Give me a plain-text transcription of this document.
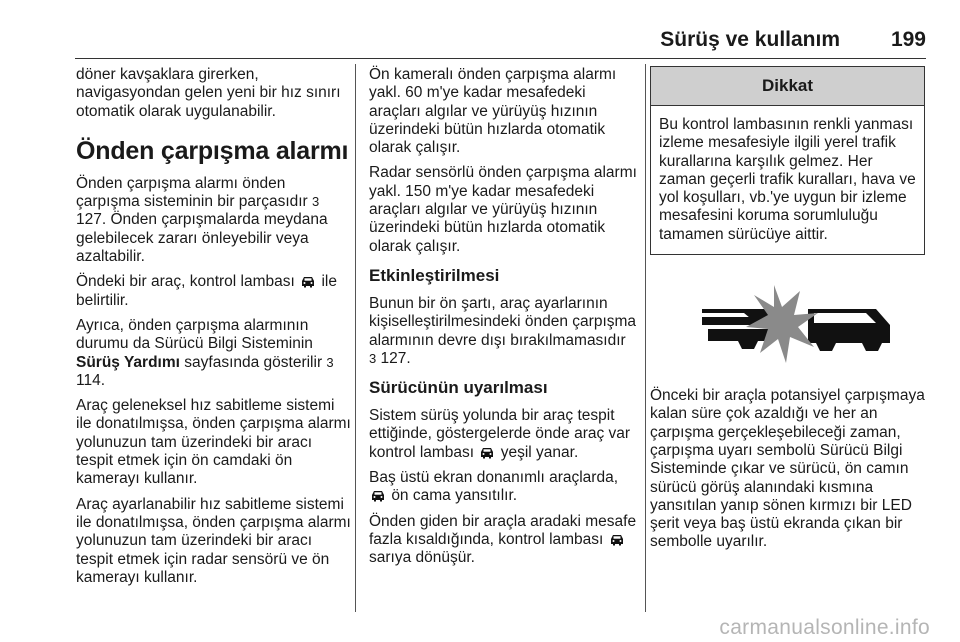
Sürüş ve kullanım 199

döner kavşaklara girerken, navigasyondan gelen yeni bir hız sınırı otomatik olarak uygulanabilir.

Önden çarpışma alarmı

Önden çarpışma alarmı önden çarpışma sisteminin bir parçasıdır 3 127. Önden çarpışmalarda meydana gelebilecek zararı önleyebilir veya azaltabilir.

Öndeki bir araç, kontrol lambası ile belirtilir.

Ayrıca, önden çarpışma alarmının durumu da Sürücü Bilgi Sisteminin Sürüş Yardımı sayfasında gösterilir 3 114.

Araç geleneksel hız sabitleme sistemi ile donatılmışsa, önden çarpışma alarmı yolunuzun tam üzerindeki bir aracı tespit etmek için ön camdaki ön kamerayı kullanır.

Araç ayarlanabilir hız sabitleme sistemi ile donatılmışsa, önden çarpışma alarmı yolunuzun tam üzerindeki bir aracı tespit etmek için radar sensörü ve ön kamerayı kullanır.

Ön kameralı önden çarpışma alarmı yakl. 60 m'ye kadar mesafedeki araçları algılar ve yürüyüş hızının üzerindeki bütün hızlarda otomatik olarak çalışır.

Radar sensörlü önden çarpışma alarmı yakl. 150 m'ye kadar mesafedeki araçları algılar ve yürüyüş hızının üzerindeki bütün hızlarda otomatik olarak çalışır.

Etkinleştirilmesi

Bunun bir ön şartı, araç ayarlarının kişiselleştirilmesindeki önden çarpışma alarmının devre dışı bırakılmamasıdır 3 127.

Sürücünün uyarılması

Sistem sürüş yolunda bir araç tespit ettiğinde, göstergelerde önde araç var kontrol lambası yeşil yanar.

Baş üstü ekran donanımlı araçlarda,  ön cama yansıtılır.

Önden giden bir araçla aradaki mesafe fazla kısaldığında, kontrol lambası  sarıya dönüşür.

Dikkat
Bu kontrol lambasının renkli yanması izleme mesafesiyle ilgili yerel trafik kurallarına karşılık gelmez. Her zaman geçerli trafik kuralları, hava ve yol koşulları, vb.'ye uygun bir izleme mesafesini koruma sorumluluğu tamamen sürücüye aittir.

Önceki bir araçla potansiyel çarpışmaya kalan süre çok azaldığı ve her an çarpışma gerçekleşebileceği zaman, çarpışma uyarı sembolü Sürücü Bilgi Sisteminde çıkar ve sürücü, ön camın sürücü görüş alanındaki kısmına yansıtılan yanıp sönen kırmızı bir LED şerit veya baş üstü ekranda çıkan bir sembolle uyarılır.

carmanualsonline.info
